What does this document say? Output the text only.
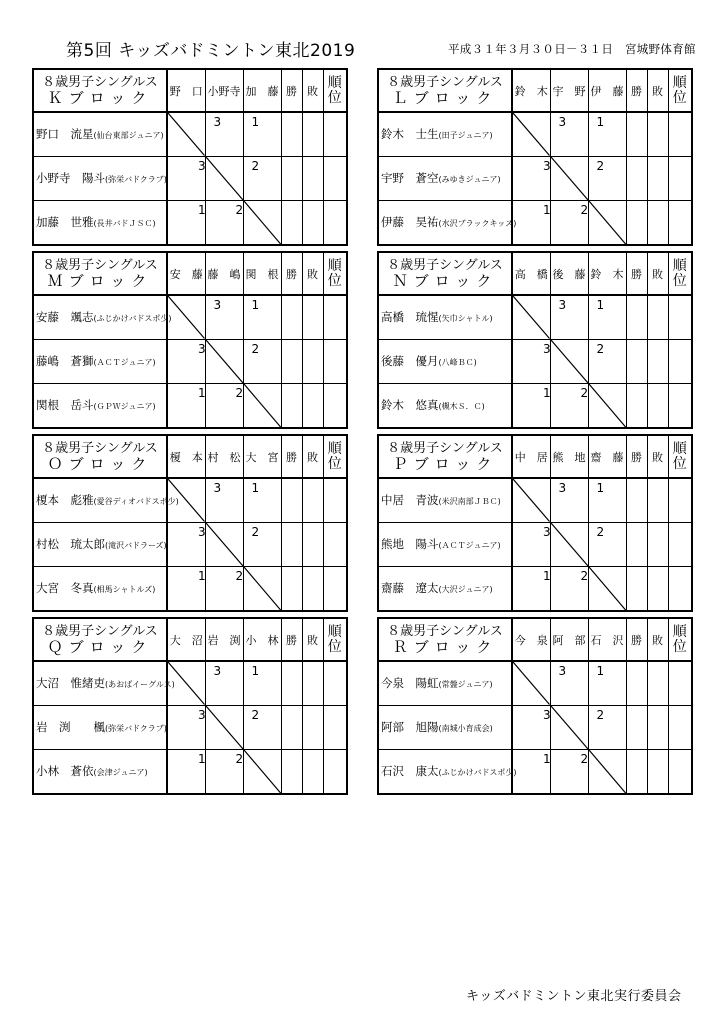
第5回 キッズバドミントン東北2019	平成３１年３月３０日－３１日　宮城野体育館
８歳男子シングルス
Ｋブロック	野　口	小野寺	加　藤	勝	敗	順位
野口　流星(仙台東部ジュニア)		3	1			

小野寺　陽斗(弥栄バドクラブ)	3		2			

加藤　世雅(長井バドＪＳＣ)	1	2

８歳男子シングルス
Ｌブロック	鈴　木	宇　野	伊　藤	勝	敗	順位
鈴木　士生(田子ジュニア)		3	1			

宇野　蒼空(みゆきジュニア)	3		2			

伊藤　昊祐(水沢ブラックキッズ)	1	2

８歳男子シングルス
Ｍブロック	安　藤	藤　嶋	関　根	勝	敗	順位
安藤　颯志(ふじかけバドスポ少)		3	1			

藤嶋　蒼獅(ＡＣＴジュニア)	3		2			

関根　岳斗(ＧＰＷジュニア)	1	2

８歳男子シングルス
Ｎブロック	高　橋	後　藤	鈴　木	勝	敗	順位
高橋　琉惺(矢巾シャトル)		3	1			

後藤　優月(八峰ＢＣ)	3		2			

鈴木　悠真(槻木Ｓ．Ｃ)	1	2

８歳男子シングルス
Ｏブロック	榎　本	村　松	大　宮	勝	敗	順位
榎本　彪雅(愛谷ディオバドスポ少)		3	1			

村松　琉太郎(滝沢バドラーズ)	3		2			

大宮　冬真(相馬シャトルズ)	1	2

８歳男子シングルス
Ｐブロック	中　居	熊　地	齋　藤	勝	敗	順位
中居　青波(米沢南部ＪＢＣ)		3	1			

熊地　陽斗(ＡＣＴジュニア)	3		2			

齋藤　遼太(大沢ジュニア)	1	2

８歳男子シングルス
Ｑブロック	大　沼	岩　渕	小　林	勝	敗	順位
大沼　惟緒吏(あおばイーグルス)		3	1			

岩　渕　　楓(弥栄バドクラブ)	3		2			

小林　蒼依(会津ジュニア)	1	2

８歳男子シングルス
Ｒブロック	今　泉	阿　部	石　沢	勝	敗	順位
今泉　陽虹(常盤ジュニア)		3	1			

阿部　旭陽(南城小育成会)	3		2			

石沢　康太(ふじかけバドスポ少)	1	2

キッズバドミントン東北実行委員会
